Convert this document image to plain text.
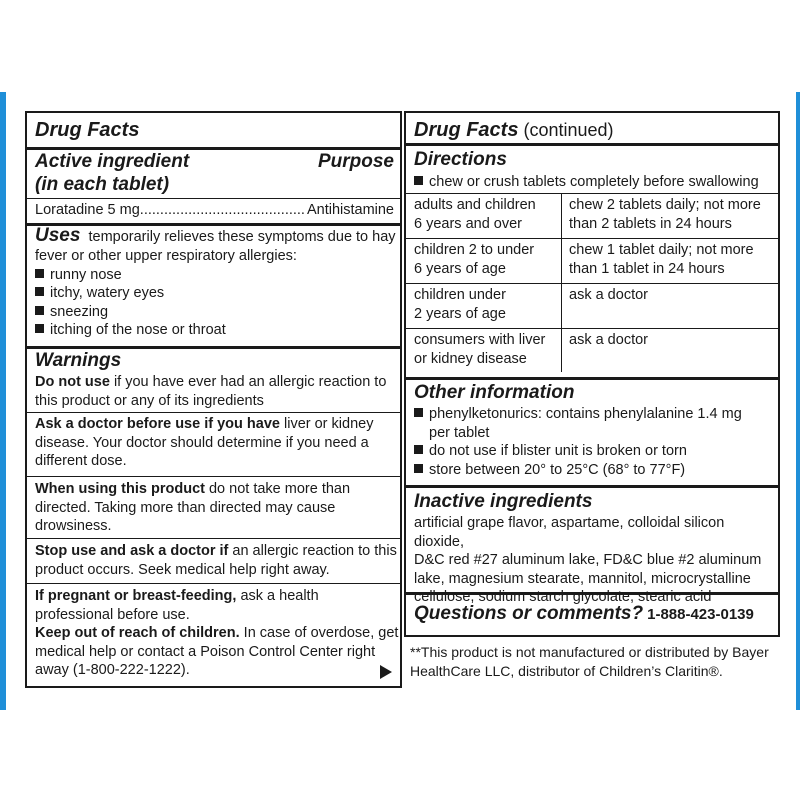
Drug Facts
Active ingredient
(in each tablet)
Purpose
Loratadine 5 mg......................................... Antihistamine
Uses temporarily relieves these symptoms due to hay
fever or other upper respiratory allergies:
runny nose
itchy, watery eyes
sneezing
itching of the nose or throat
Warnings
Do not use if you have ever had an allergic reaction to
this product or any of its ingredients
Ask a doctor before use if you have liver or kidney
disease. Your doctor should determine if you need a
different dose.
When using this product do not take more than
directed. Taking more than directed may cause
drowsiness.
Stop use and ask a doctor if an allergic reaction to this
product occurs. Seek medical help right away.
If pregnant or breast-feeding, ask a health
professional before use.
Keep out of reach of children. In case of overdose, get
medical help or contact a Poison Control Center right
away (1-800-222-1222).
Drug Facts (continued)
Directions
chew or crush tablets completely before swallowing
adults and children
6 years and over
chew 2 tablets daily; not more
than 2 tablets in 24 hours
children 2 to under
6 years of age
chew 1 tablet daily; not more
than 1 tablet in 24 hours
children under
2 years of age
ask a doctor
consumers with liver
or kidney disease
ask a doctor
Other information
phenylketonurics: contains phenylalanine 1.4 mg
per tablet
do not use if blister unit is broken or torn
store between 20° to 25°C (68° to 77°F)
Inactive ingredients
artificial grape flavor, aspartame, colloidal silicon dioxide,
D&C red #27 aluminum lake, FD&C blue #2 aluminum
lake, magnesium stearate, mannitol, microcrystalline
cellulose, sodium starch glycolate, stearic acid
Questions or comments? 1-888-423-0139
**This product is not manufactured or distributed by Bayer
HealthCare LLC, distributor of Children’s Claritin®.
